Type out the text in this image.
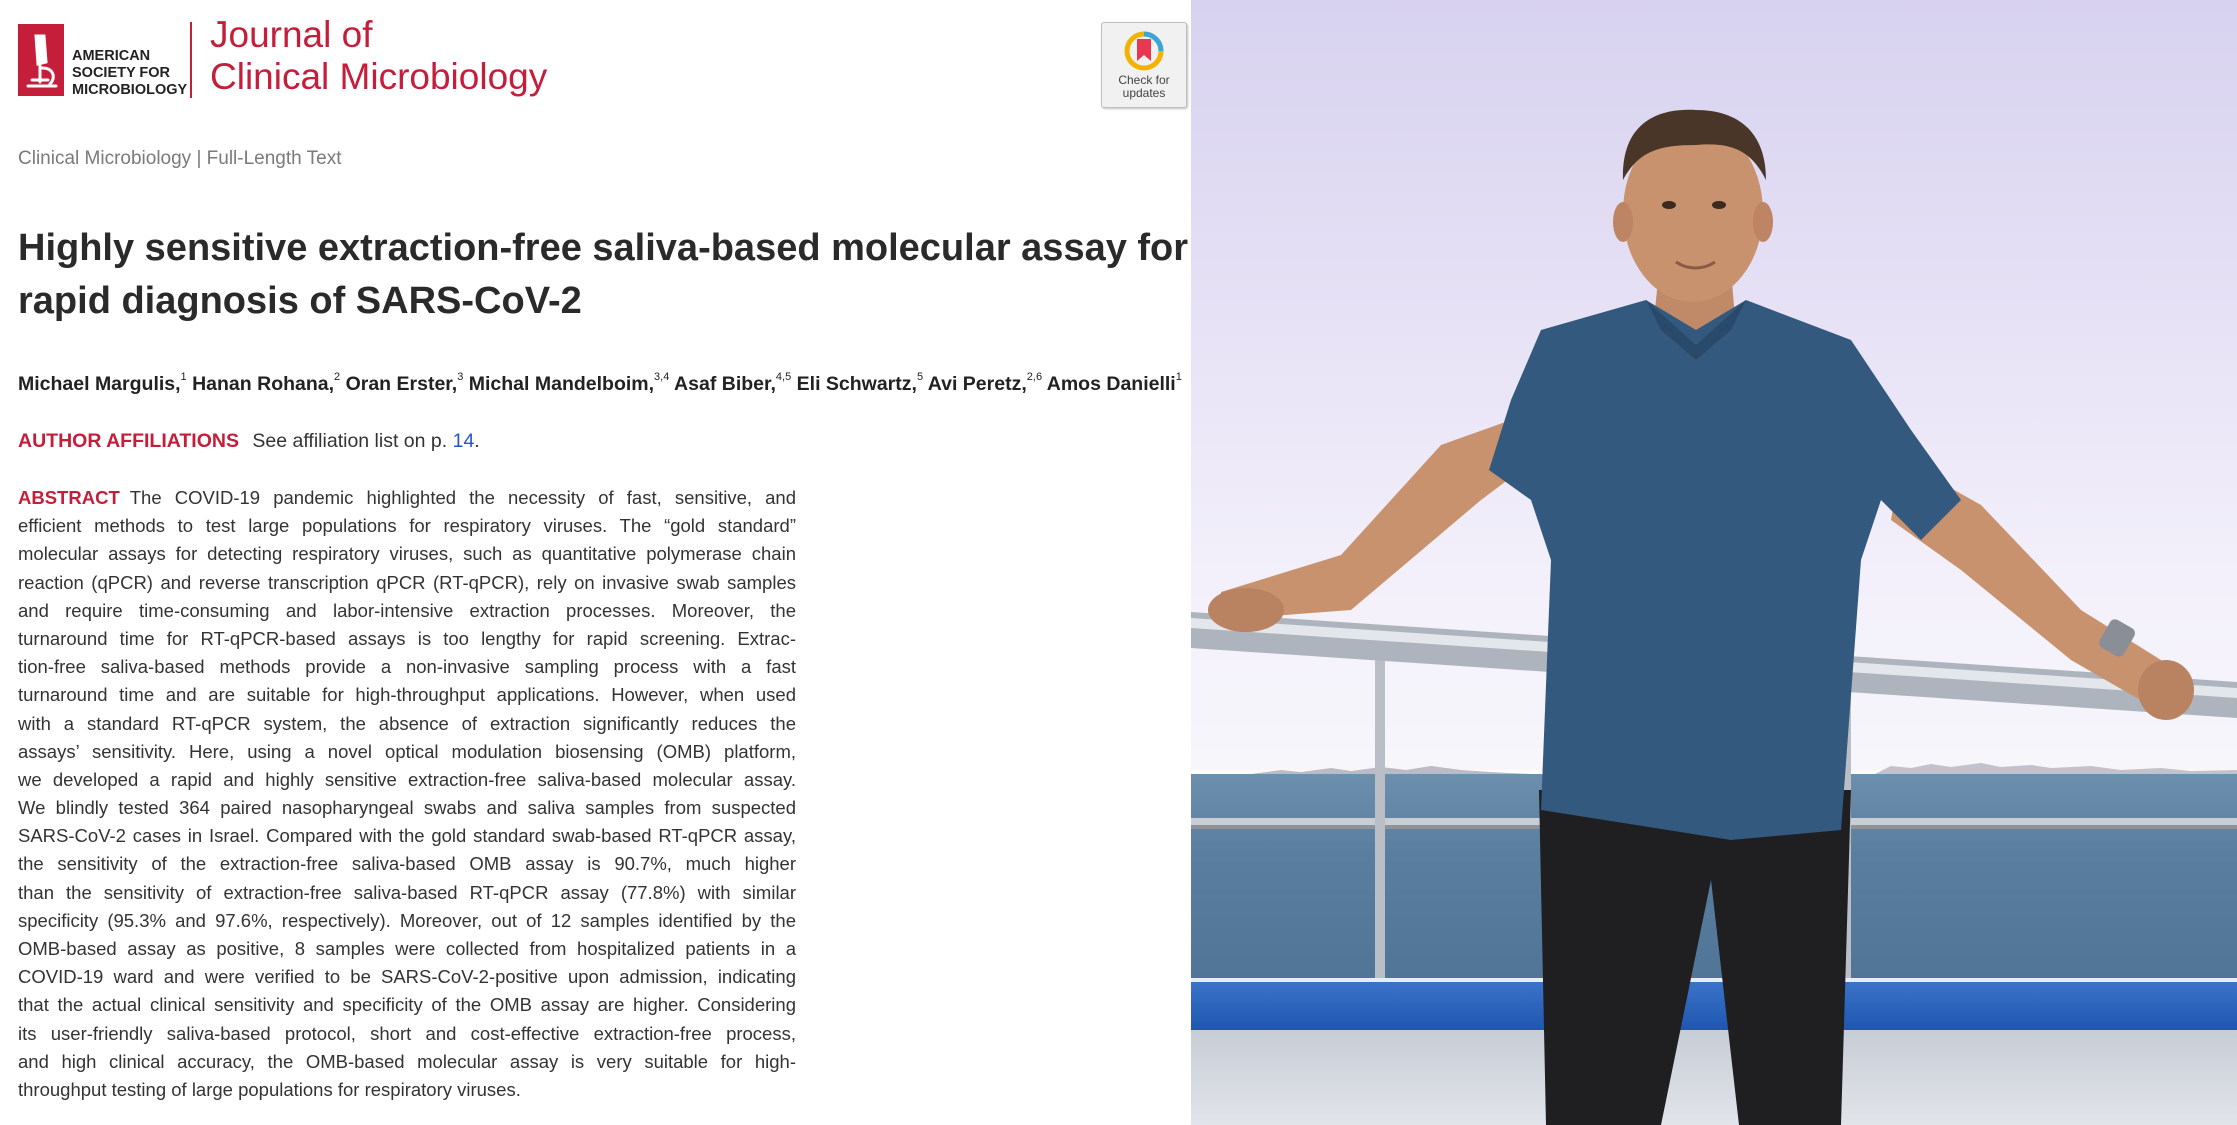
AMERICAN
SOCIETY FOR
MICROBIOLOGY
Journal of
Clinical Microbiology	Check for
updates
Clinical Microbiology | Full-Length Text
Highly sensitive extraction-free saliva-based molecular assay for
rapid diagnosis of SARS-CoV-2
Michael Margulis,$^1$ Hanan Rohana,$^2$ Oran Erster,$^3$ Michal Mandelboim,$^{3,4}$ Asaf Biber,$^{4,5}$ Eli Schwartz,$^5$ Avi Peretz,$^{2,6}$ Amos Danielli$^1$
AUTHOR AFFILIATIONS See affiliation list on p. 14.
ABSTRACT The COVID-19 pandemic highlighted the necessity of fast, sensitive, and
efficient methods to test large populations for respiratory viruses. The “gold standard”
molecular assays for detecting respiratory viruses, such as quantitative polymerase chain
reaction (qPCR) and reverse transcription qPCR (RT-qPCR), rely on invasive swab samples
and require time-consuming and labor-intensive extraction processes. Moreover, the
turnaround time for RT-qPCR-based assays is too lengthy for rapid screening. Extrac-
tion-free saliva-based methods provide a non-invasive sampling process with a fast
turnaround time and are suitable for high-throughput applications. However, when used
with a standard RT-qPCR system, the absence of extraction significantly reduces the
assays’ sensitivity. Here, using a novel optical modulation biosensing (OMB) platform,
we developed a rapid and highly sensitive extraction-free saliva-based molecular assay.
We blindly tested 364 paired nasopharyngeal swabs and saliva samples from suspected
SARS-CoV-2 cases in Israel. Compared with the gold standard swab-based RT-qPCR assay,
the sensitivity of the extraction-free saliva-based OMB assay is 90.7%, much higher
than the sensitivity of extraction-free saliva-based RT-qPCR assay (77.8%) with similar
specificity (95.3% and 97.6%, respectively). Moreover, out of 12 samples identified by the
OMB-based assay as positive, 8 samples were collected from hospitalized patients in a
COVID-19 ward and were verified to be SARS-CoV-2-positive upon admission, indicating
that the actual clinical sensitivity and specificity of the OMB assay are higher. Considering
its user-friendly saliva-based protocol, short and cost-effective extraction-free process,
and high clinical accuracy, the OMB-based molecular assay is very suitable for high-
throughput testing of large populations for respiratory viruses.
